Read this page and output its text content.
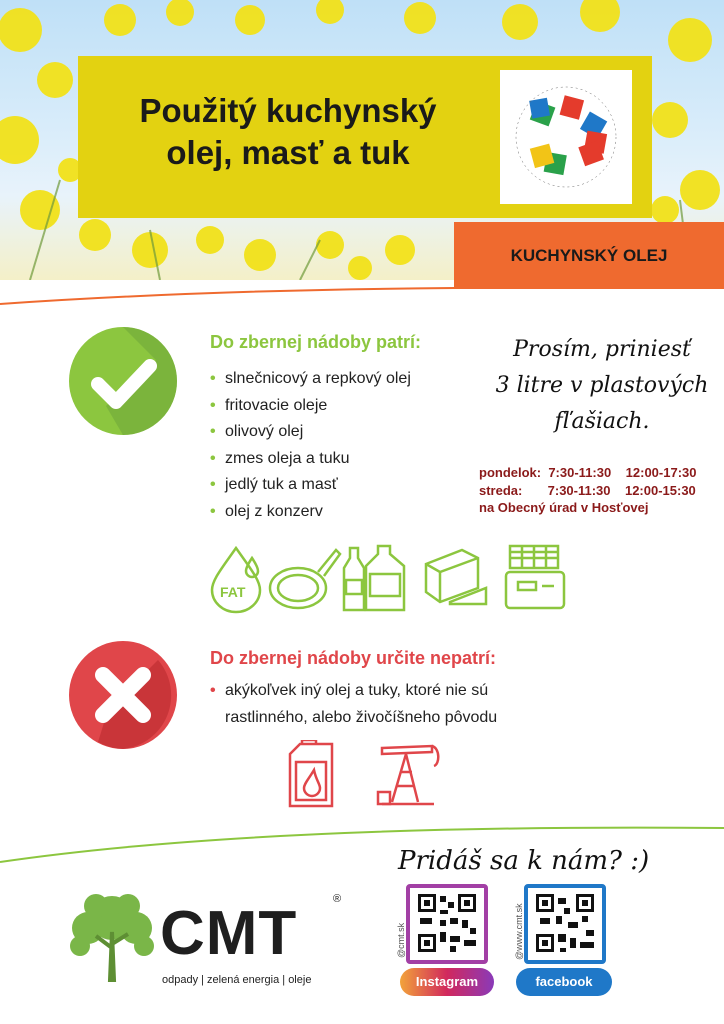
Použitý kuchynský
olej, masť a tuk
KUCHYNSKÝ OLEJ
Do zbernej nádoby patrí:
• slnečnicový a repkový olej
• fritovacie oleje
• olivový olej
• zmes oleja a tuku
• jedlý tuk a masť
• olej z konzerv
Prosím, priniesť
3 litre v plastových
fľašiach.
pondelok:  7:30-11:30    12:00-17:30
streda:       7:30-11:30    12:00-15:30
na Obecný úrad v Hosťovej
FAT
Do zbernej nádoby určite nepatrí:
• akýkoľvek iný olej a tuky, ktoré nie sú rastlinného, alebo živočíšneho pôvodu
Pridáš sa k nám? :)
CMT	®
odpady | zelená energia | oleje
@cmt.sk
Instagram
@www.cmt.sk
facebook
